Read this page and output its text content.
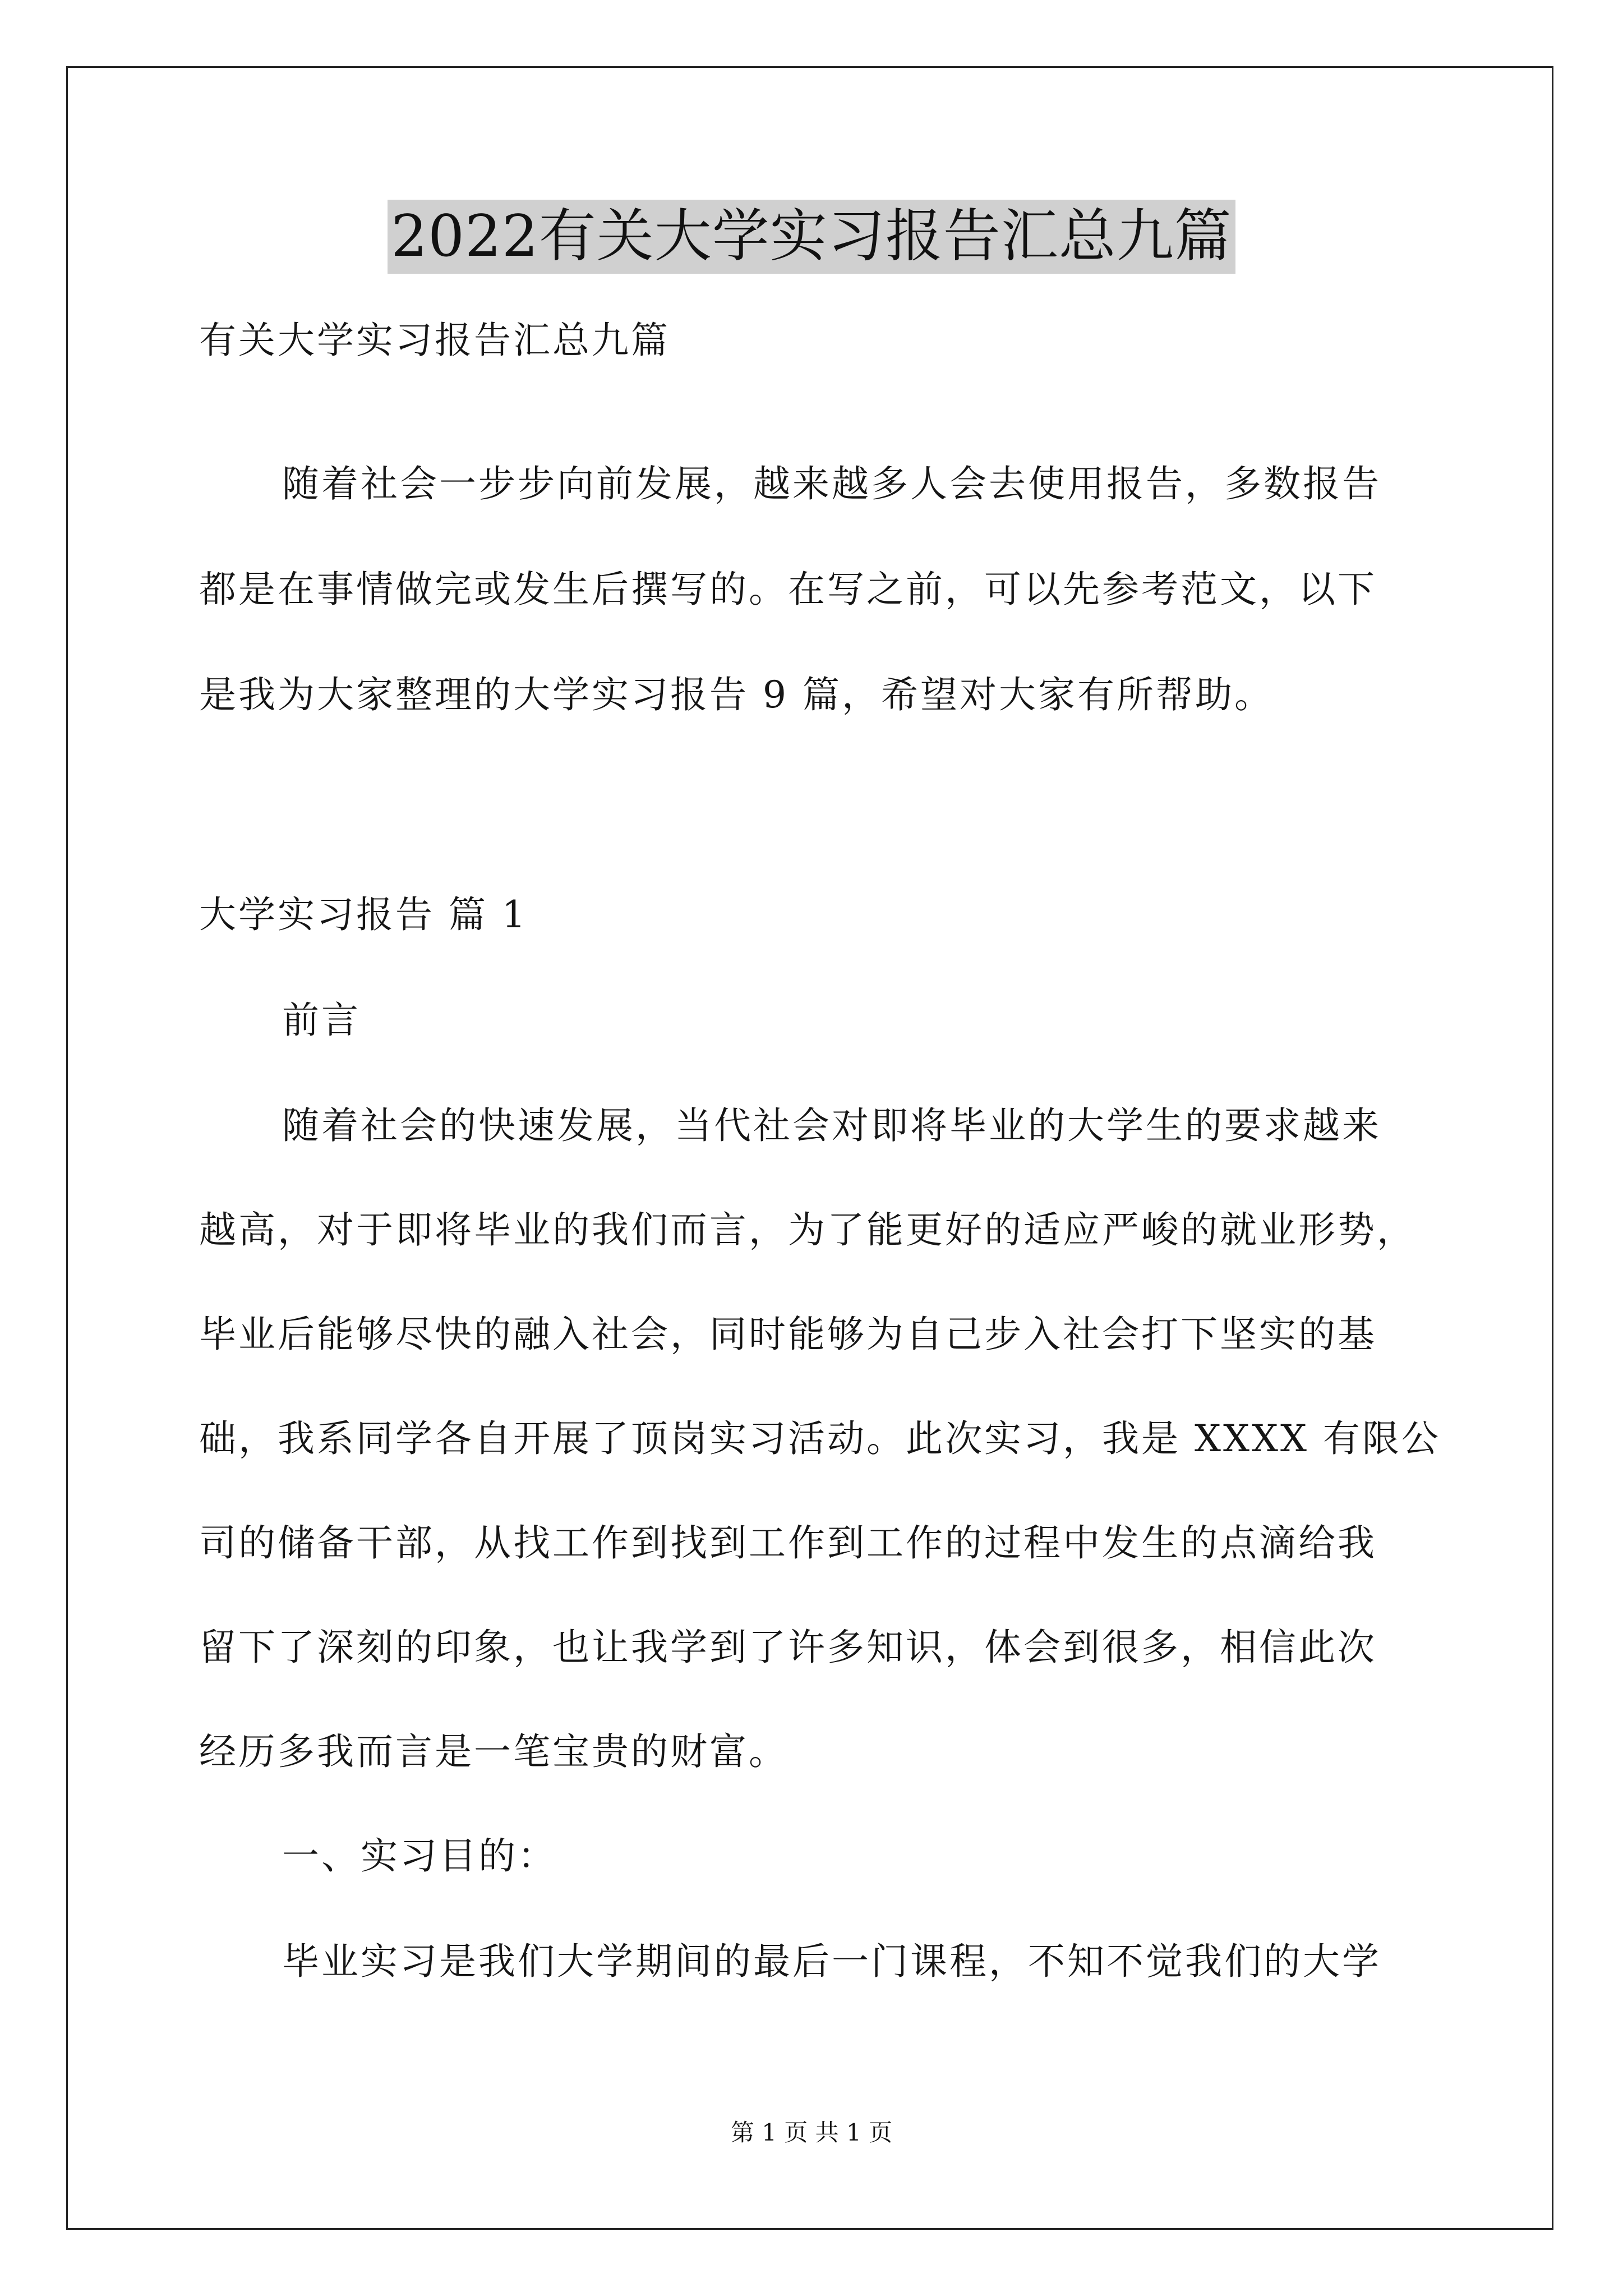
2022有关大学实习报告汇总九篇
有关大学实习报告汇总九篇
随着社会一步步向前发展，越来越多人会去使用报告，多数报告
都是在事情做完或发生后撰写的。在写之前，可以先参考范文，以下
是我为大家整理的大学实习报告 9 篇，希望对大家有所帮助。
大学实习报告 篇 1
前言
随着社会的快速发展，当代社会对即将毕业的大学生的要求越来
越高，对于即将毕业的我们而言，为了能更好的适应严峻的就业形势，
毕业后能够尽快的融入社会，同时能够为自己步入社会打下坚实的基
础，我系同学各自开展了顶岗实习活动。此次实习，我是 XXXX 有限公
司的储备干部，从找工作到找到工作到工作的过程中发生的点滴给我
留下了深刻的印象，也让我学到了许多知识，体会到很多，相信此次
经历多我而言是一笔宝贵的财富。
一、实习目的：
毕业实习是我们大学期间的最后一门课程，不知不觉我们的大学
第 1 页 共 1 页
